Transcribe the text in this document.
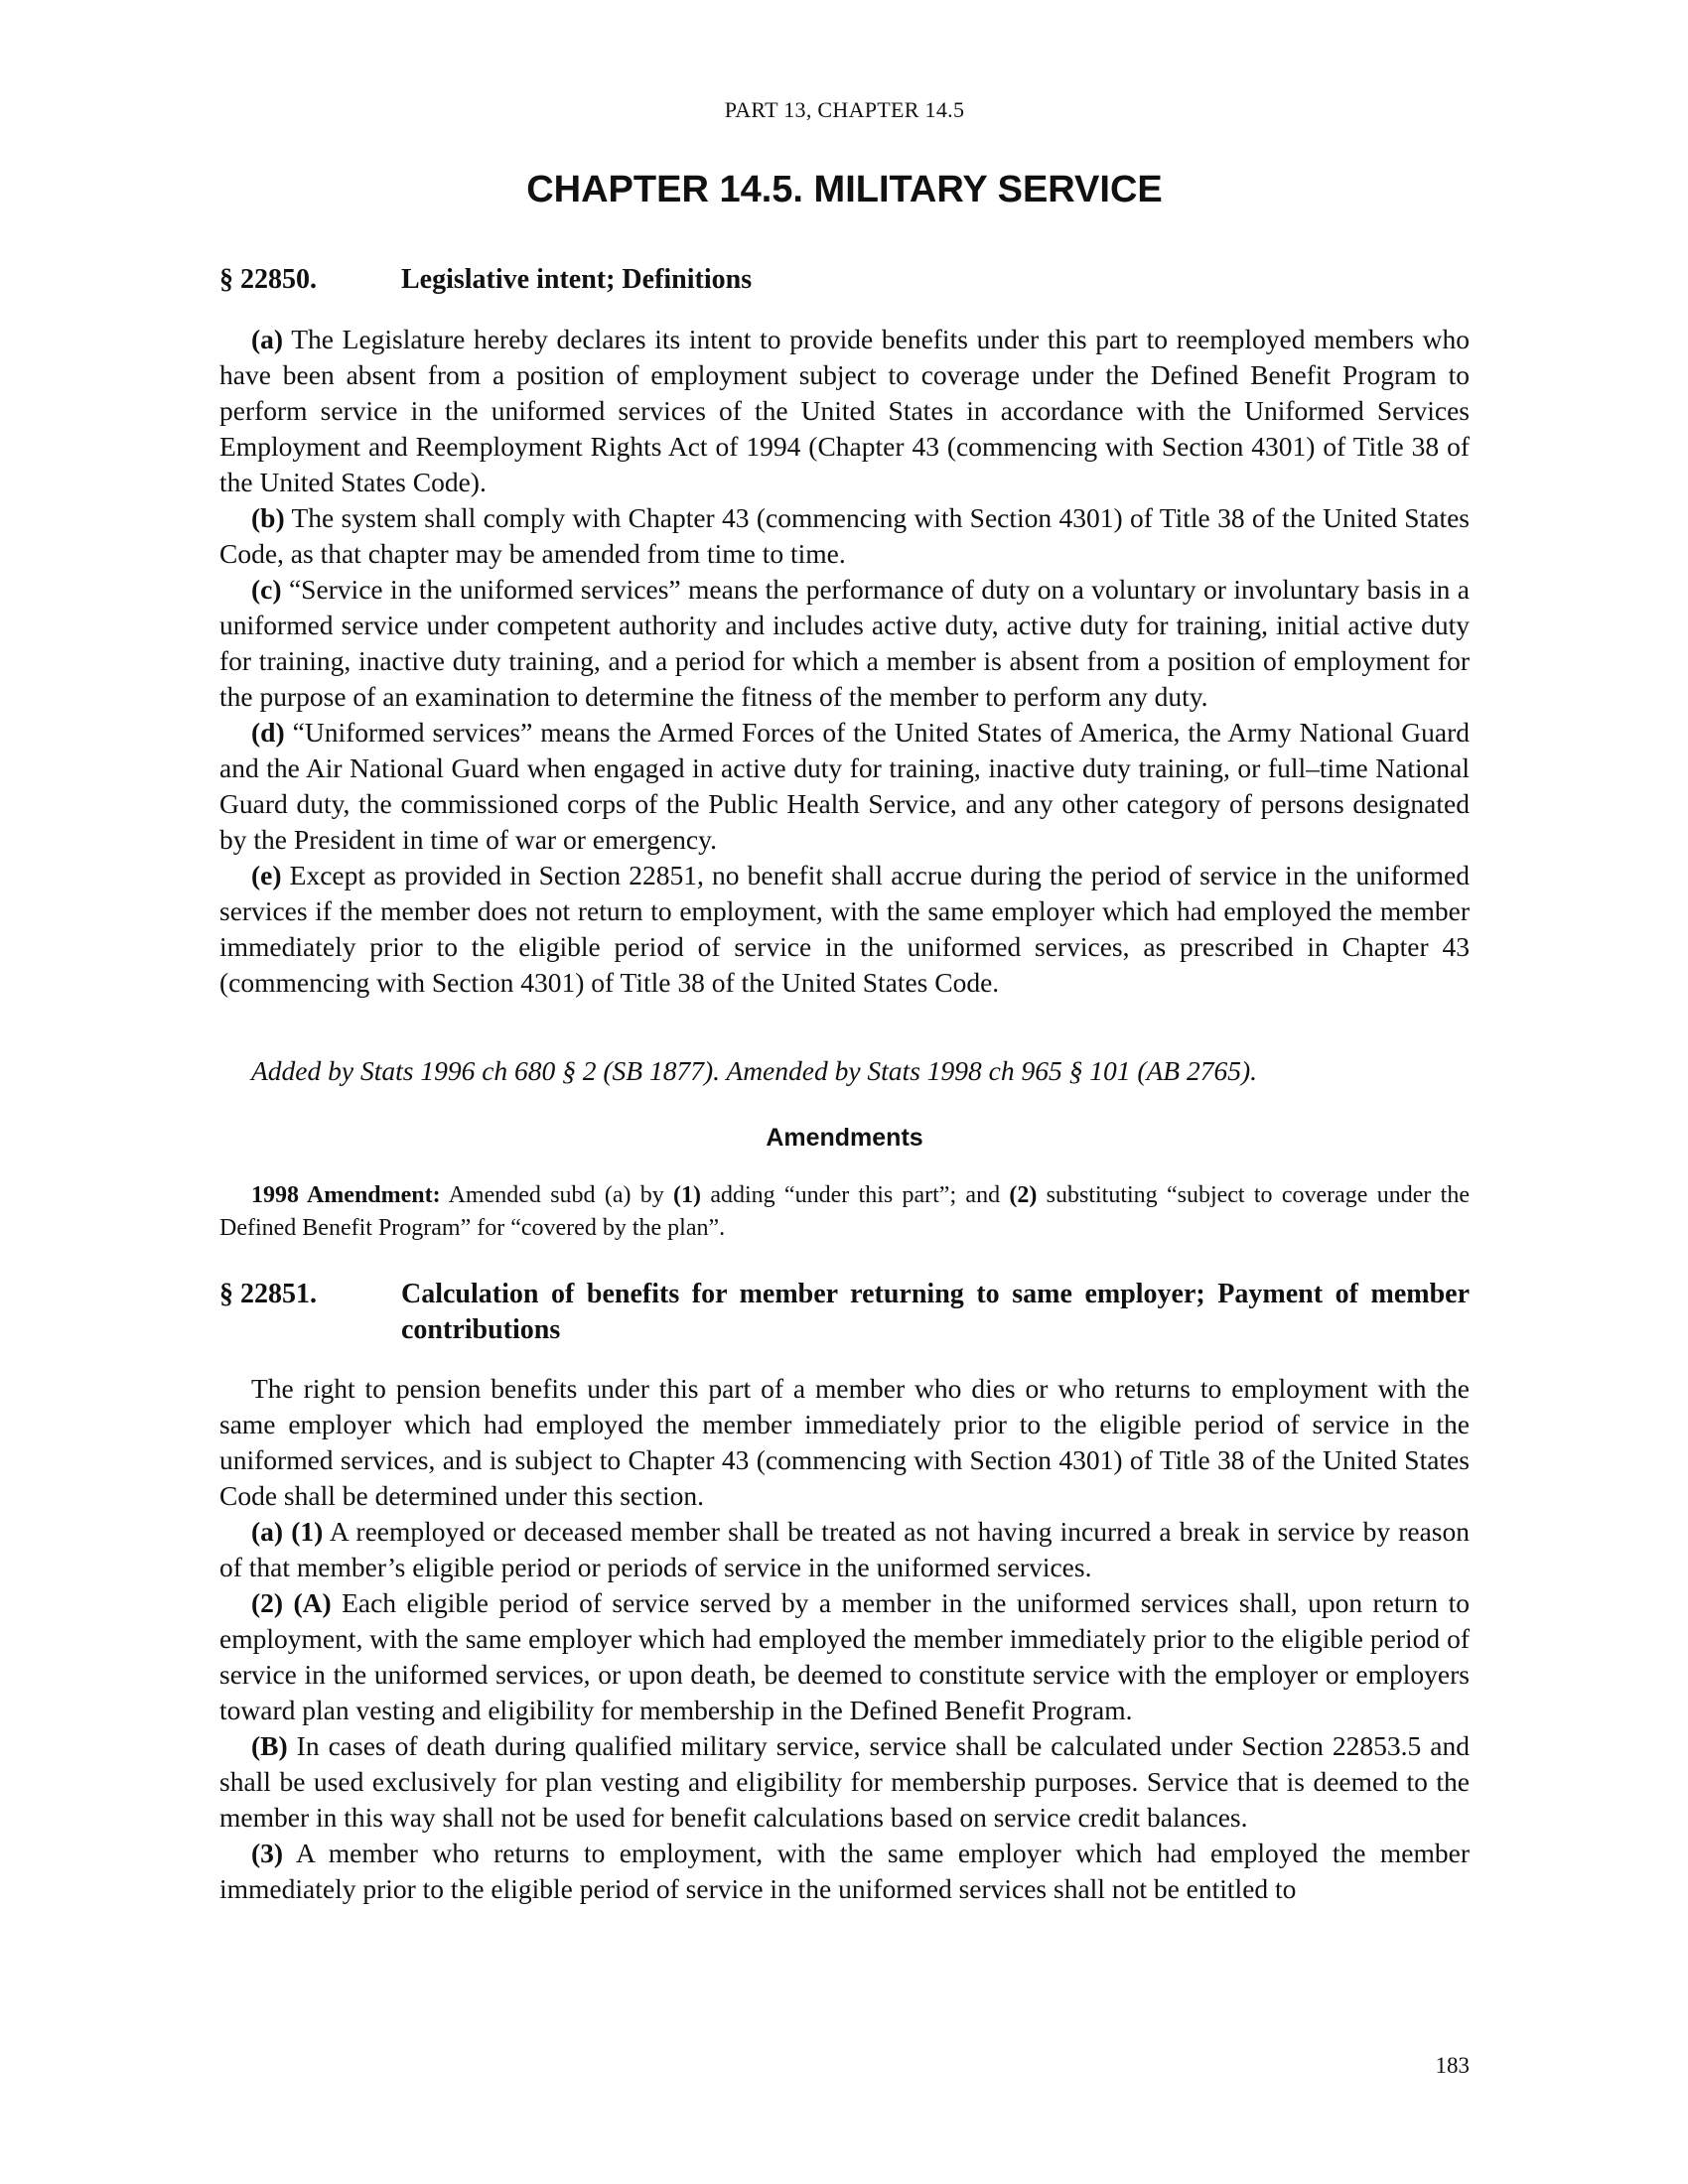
PART 13, CHAPTER 14.5
CHAPTER 14.5. MILITARY SERVICE
§ 22850.	Legislative intent; Definitions

(a) The Legislature hereby declares its intent to provide benefits under this part to reemployed members who have been absent from a position of employment subject to coverage under the Defined Benefit Program to perform service in the uniformed services of the United States in accordance with the Uniformed Services Employment and Reemployment Rights Act of 1994 (Chapter 43 (commencing with Section 4301) of Title 38 of the United States Code).

(b) The system shall comply with Chapter 43 (commencing with Section 4301) of Title 38 of the United States Code, as that chapter may be amended from time to time.

(c) “Service in the uniformed services” means the performance of duty on a voluntary or involuntary basis in a uniformed service under competent authority and includes active duty, active duty for training, initial active duty for training, inactive duty training, and a period for which a member is absent from a position of employment for the purpose of an examination to determine the fitness of the member to perform any duty.

(d) “Uniformed services” means the Armed Forces of the United States of America, the Army National Guard and the Air National Guard when engaged in active duty for training, inactive duty training, or full–time National Guard duty, the commissioned corps of the Public Health Service, and any other category of persons designated by the President in time of war or emergency.

(e) Except as provided in Section 22851, no benefit shall accrue during the period of service in the uniformed services if the member does not return to employment, with the same employer which had employed the member immediately prior to the eligible period of service in the uniformed services, as prescribed in Chapter 43 (commencing with Section 4301) of Title 38 of the United States Code.

Added by Stats 1996 ch 680 § 2 (SB 1877). Amended by Stats 1998 ch 965 § 101 (AB 2765).
Amendments

1998 Amendment: Amended subd (a) by (1) adding “under this part”; and (2) substituting “subject to coverage under the Defined Benefit Program” for “covered by the plan”.

§ 22851.	Calculation of benefits for member returning to same employer; Payment of member contributions

The right to pension benefits under this part of a member who dies or who returns to employment with the same employer which had employed the member immediately prior to the eligible period of service in the uniformed services, and is subject to Chapter 43 (commencing with Section 4301) of Title 38 of the United States Code shall be determined under this section.

(a) (1) A reemployed or deceased member shall be treated as not having incurred a break in service by reason of that member’s eligible period or periods of service in the uniformed services.

(2) (A) Each eligible period of service served by a member in the uniformed services shall, upon return to employment, with the same employer which had employed the member immediately prior to the eligible period of service in the uniformed services, or upon death, be deemed to constitute service with the employer or employers toward plan vesting and eligibility for membership in the Defined Benefit Program.

(B) In cases of death during qualified military service, service shall be calculated under Section 22853.5 and shall be used exclusively for plan vesting and eligibility for membership purposes. Service that is deemed to the member in this way shall not be used for benefit calculations based on service credit balances.

(3) A member who returns to employment, with the same employer which had employed the member immediately prior to the eligible period of service in the uniformed services shall not be entitled to

183
